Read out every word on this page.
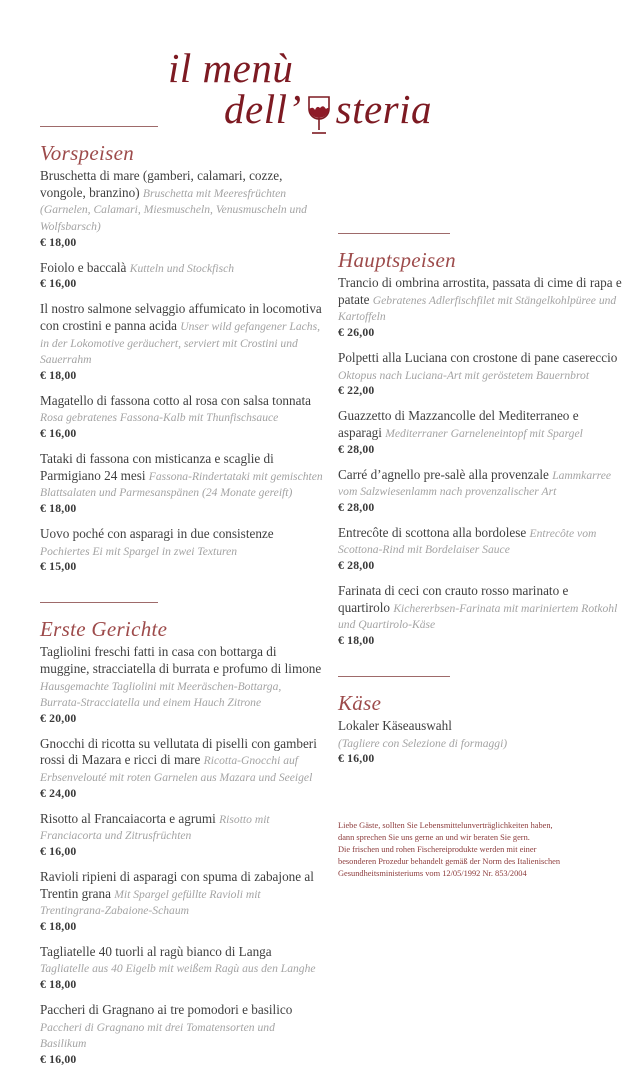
il menù
dell’ steria
Vorspeisen

Bruschetta di mare (gamberi, calamari, cozze, vongole, branzino) Bruschetta mit Meeresfrüchten (Garnelen, Calamari, Miesmuscheln, Venusmuscheln und Wolfsbarsch)

€ 18,00

Foiolo e baccalà Kutteln und Stockfisch

€ 16,00

Il nostro salmone selvaggio affumicato in locomotiva con crostini e panna acida Unser wild gefangener Lachs, in der Lokomotive geräuchert, serviert mit Crostini und Sauerrahm

€ 18,00

Magatello di fassona cotto al rosa con salsa tonnata Rosa gebratenes Fassona-Kalb mit Thunfischsauce

€ 16,00

Tataki di fassona con misticanza e scaglie di Parmigiano 24 mesi Fassona-Rindertataki mit gemischten Blattsalaten und Parmesanspänen (24 Monate gereift)

€ 18,00

Uovo poché con asparagi in due consistenze Pochiertes Ei mit Spargel in zwei Texturen

€ 15,00

Erste Gerichte

Tagliolini freschi fatti in casa con bottarga di muggine, stracciatella di burrata e profumo di limone Hausgemachte Tagliolini mit Meeräschen-Bottarga, Burrata-Stracciatella und einem Hauch Zitrone

€ 20,00

Gnocchi di ricotta su vellutata di piselli con gamberi rossi di Mazara e ricci di mare Ricotta-Gnocchi auf Erbsenvelouté mit roten Garnelen aus Mazara und Seeigel

€ 24,00

Risotto al Francaiacorta e agrumi Risotto mit Franciacorta und Zitrusfrüchten

€ 16,00

Ravioli ripieni di asparagi con spuma di zabajone al Trentin grana Mit Spargel gefüllte Ravioli mit Trentingrana-Zabaione-Schaum

€ 18,00

Tagliatelle 40 tuorli al ragù bianco di Langa Tagliatelle aus 40 Eigelb mit weißem Ragù aus den Langhe

€ 18,00

Paccheri di Gragnano ai tre pomodori e basilico Paccheri di Gragnano mit drei Tomatensorten und Basilikum

€ 16,00

Hauptspeisen

Trancio di ombrina arrostita, passata di cime di rapa e patate Gebratenes Adlerfischfilet mit Stängelkohlpüree und Kartoffeln

€ 26,00

Polpetti alla Luciana con crostone di pane casereccio Oktopus nach Luciana-Art mit geröstetem Bauernbrot

€ 22,00

Guazzetto di Mazzancolle del Mediterraneo e asparagi Mediterraner Garneleneintopf mit Spargel

€ 28,00

Carré d’agnello pre-salè alla provenzale Lammkarree vom Salzwiesenlamm nach provenzalischer Art

€ 28,00

Entrecôte di scottona alla bordolese Entrecôte vom Scottona-Rind mit Bordelaiser Sauce

€ 28,00

Farinata di ceci con crauto rosso marinato e quartirolo Kichererbsen-Farinata mit mariniertem Rotkohl und Quartirolo-Käse

€ 18,00

Käse

Lokaler Käseauswahl
(Tagliere con Selezione di formaggi)

€ 16,00

Liebe Gäste, sollten Sie Lebensmittelunverträglichkeiten haben,

dann sprechen Sie uns gerne an und wir beraten Sie gern.

Die frischen und rohen Fischereiprodukte werden mit einer

besonderen Prozedur behandelt gemäß der Norm des Italienischen

Gesundheitsministeriums vom 12/05/1992 Nr. 853/2004
